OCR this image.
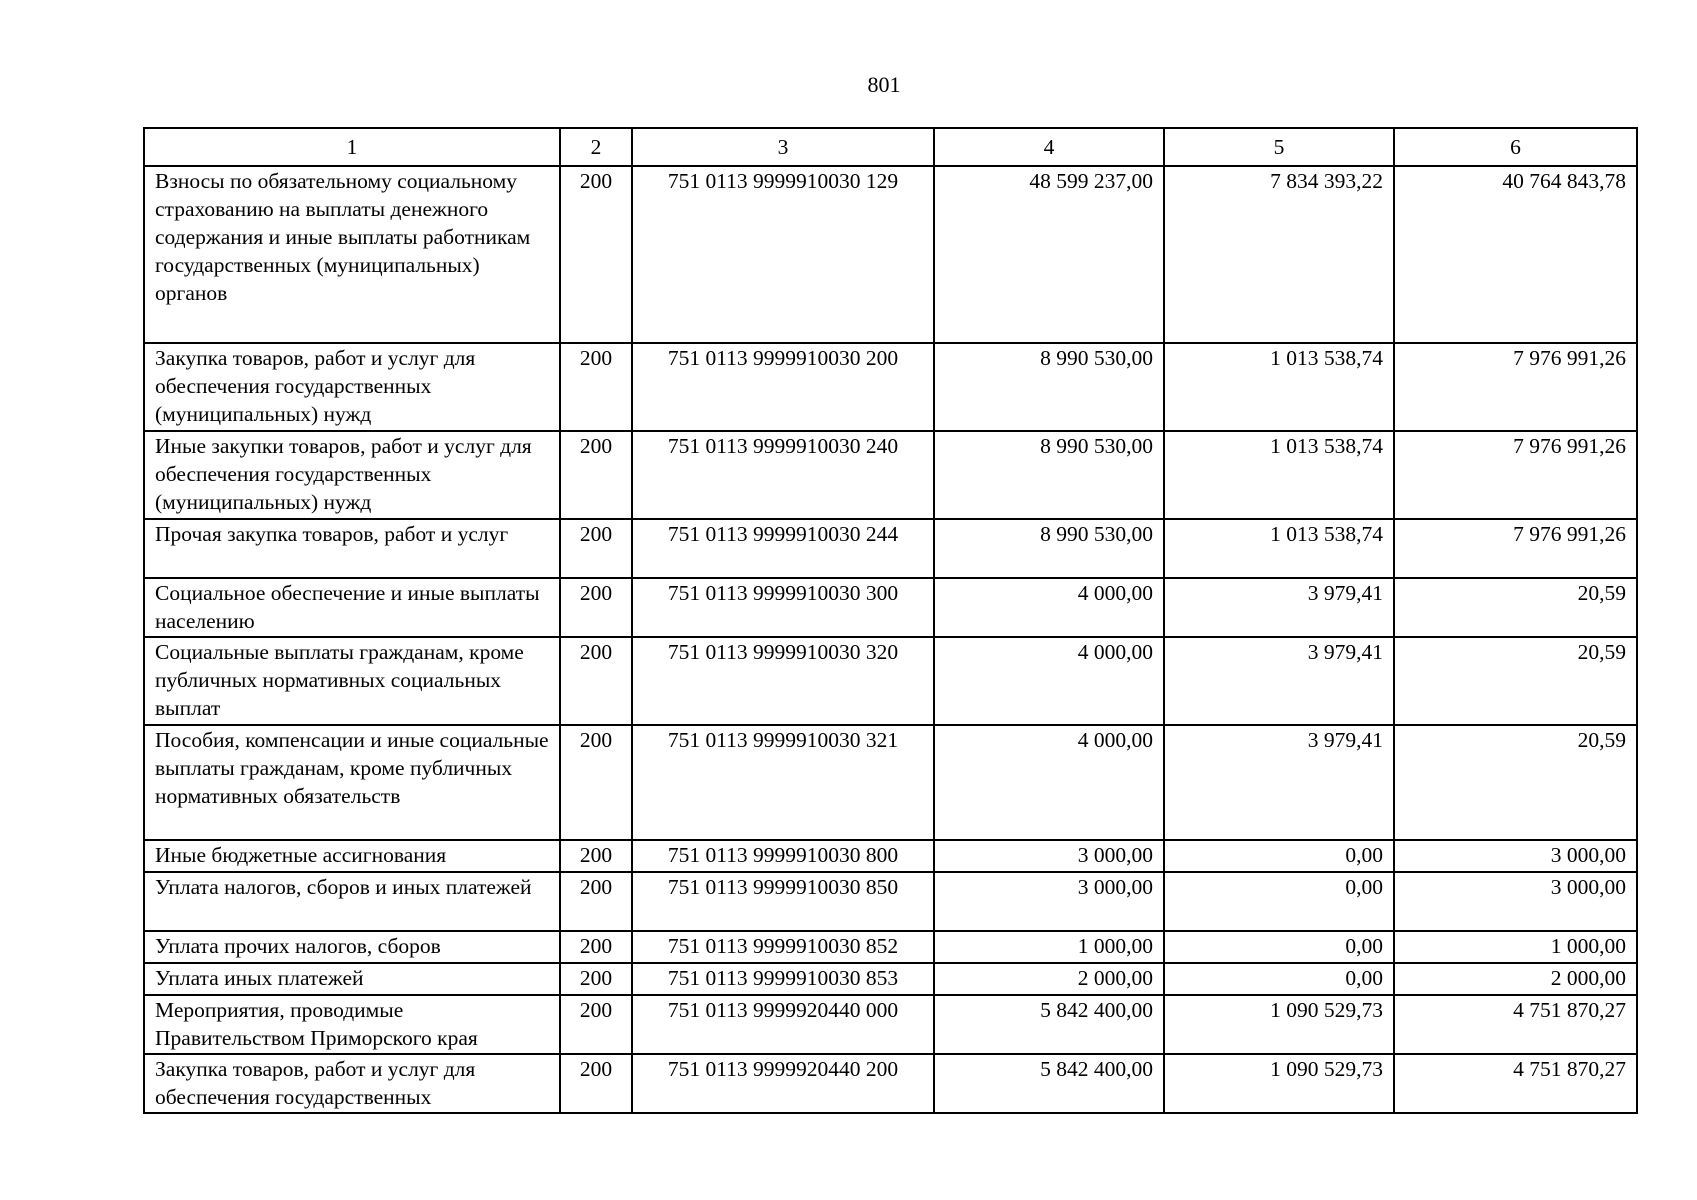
801
1	2	3	4	5	6
Взносы по обязательному социальному страхованию на выплаты денежного содержания и иные выплаты работникам государственных (муниципальных) органов	200	751 0113 9999910030 129	48 599 237,00	7 834 393,22	40 764 843,78
Закупка товаров, работ и услуг для обеспечения государственных (муниципальных) нужд	200	751 0113 9999910030 200	8 990 530,00	1 013 538,74	7 976 991,26
Иные закупки товаров, работ и услуг для обеспечения государственных (муниципальных) нужд	200	751 0113 9999910030 240	8 990 530,00	1 013 538,74	7 976 991,26
Прочая закупка товаров, работ и услуг	200	751 0113 9999910030 244	8 990 530,00	1 013 538,74	7 976 991,26
Социальное обеспечение и иные выплаты населению	200	751 0113 9999910030 300	4 000,00	3 979,41	20,59
Социальные выплаты гражданам, кроме публичных нормативных социальных выплат	200	751 0113 9999910030 320	4 000,00	3 979,41	20,59
Пособия, компенсации и иные социальные выплаты гражданам, кроме публичных нормативных обязательств	200	751 0113 9999910030 321	4 000,00	3 979,41	20,59
Иные бюджетные ассигнования	200	751 0113 9999910030 800	3 000,00	0,00	3 000,00
Уплата налогов, сборов и иных платежей	200	751 0113 9999910030 850	3 000,00	0,00	3 000,00
Уплата прочих налогов, сборов	200	751 0113 9999910030 852	1 000,00	0,00	1 000,00
Уплата иных платежей	200	751 0113 9999910030 853	2 000,00	0,00	2 000,00
Мероприятия, проводимые Правительством Приморского края	200	751 0113 9999920440 000	5 842 400,00	1 090 529,73	4 751 870,27
Закупка товаров, работ и услуг для обеспечения государственных	200	751 0113 9999920440 200	5 842 400,00	1 090 529,73	4 751 870,27
